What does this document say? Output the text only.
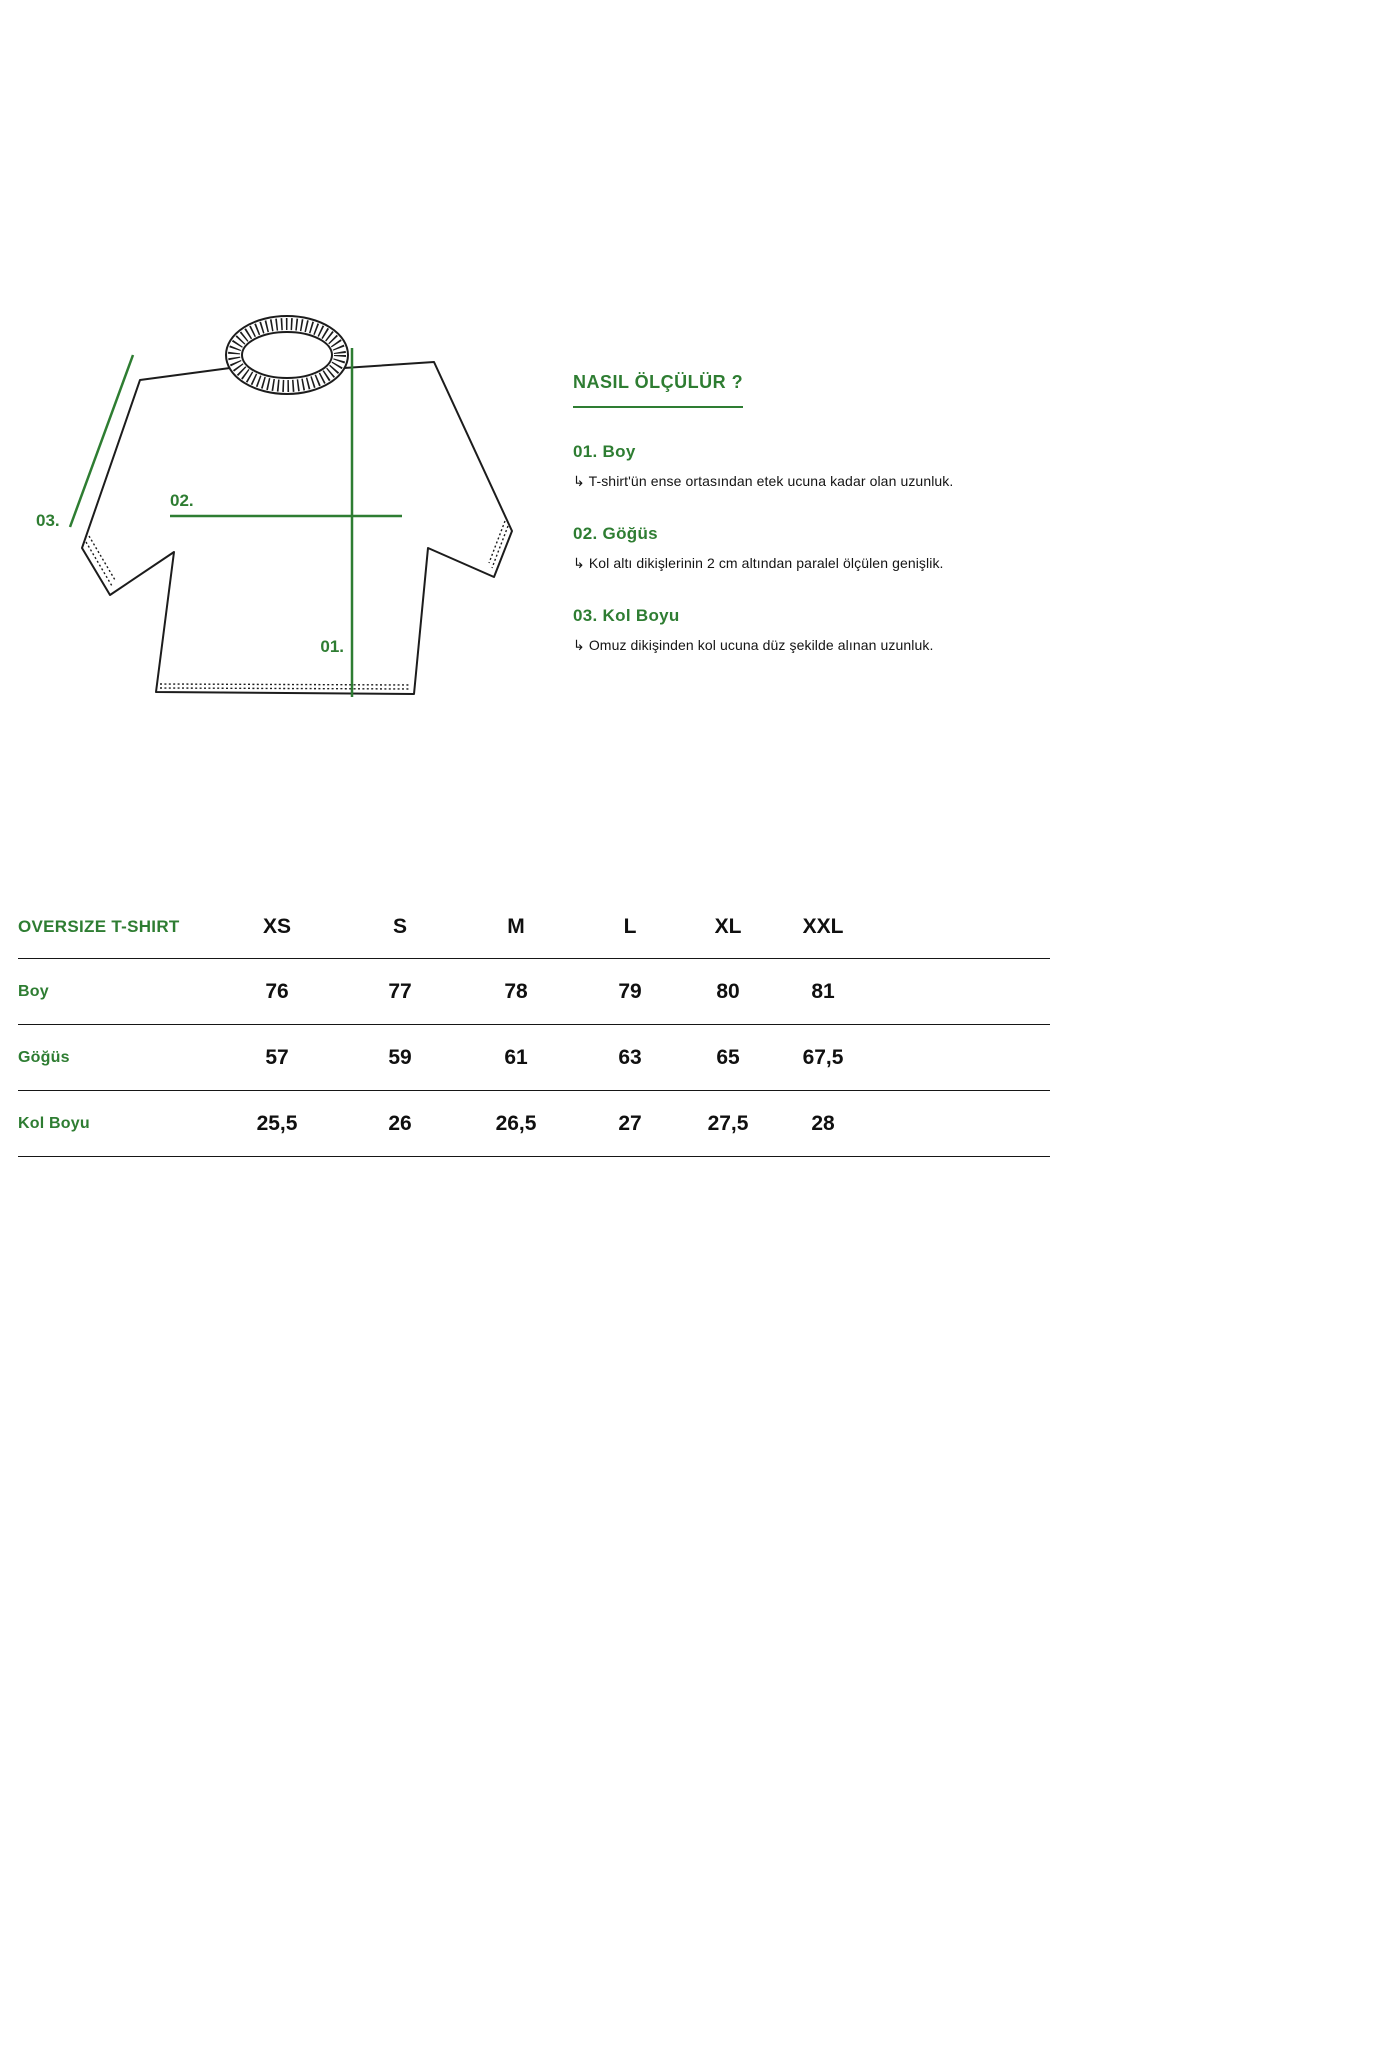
01.
02.
03.
NASIL ÖLÇÜLÜR ?
01. Boy
↳ T-shirt'ün ense ortasından etek ucuna kadar olan uzunluk.
02. Göğüs
↳ Kol altı dikişlerinin 2 cm altından paralel ölçülen genişlik.
03. Kol Boyu
↳ Omuz dikişinden kol ucuna düz şekilde alınan uzunluk.
OVERSIZE T-SHIRT	XS	S	M	L	XL	XXL
Boy	76	77	78	79	80	81
Göğüs	57	59	61	63	65	67,5
Kol Boyu	25,5	26	26,5	27	27,5	28
